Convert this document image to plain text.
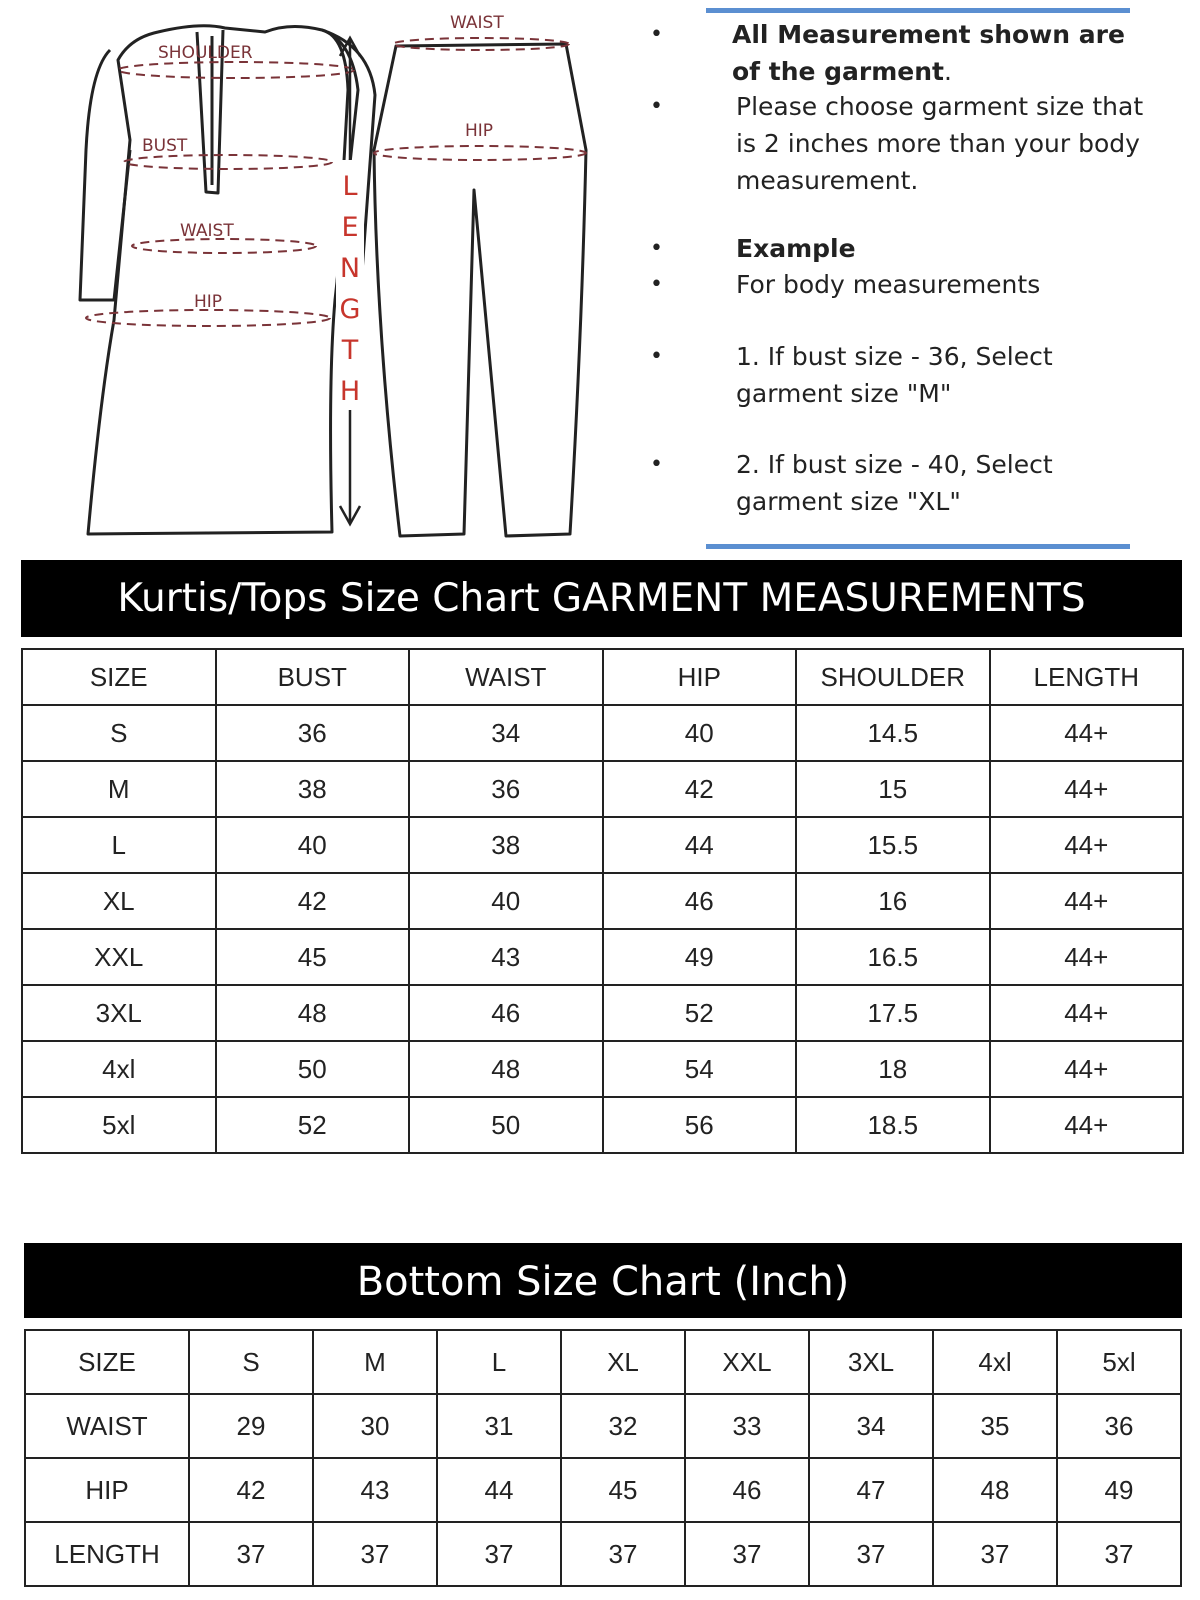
SHOULDER
BUST
WAIST
HIP
L
E
N
G
T
H
WAIST
HIP
•	All Measurement shown are of the garment.
•	Please choose garment size that is 2 inches more than your body measurement.
•	Example
•	For body measurements
•	1. If bust size - 36, Select garment size "M"
•	2. If bust size - 40, Select garment size "XL"
Kurtis/Tops Size Chart GARMENT MEASUREMENTS
SIZE	BUST	WAIST	HIP	SHOULDER	LENGTH
S	36	34	40	14.5	44+
M	38	36	42	15	44+
L	40	38	44	15.5	44+
XL	42	40	46	16	44+
XXL	45	43	49	16.5	44+
3XL	48	46	52	17.5	44+
4xl	50	48	54	18	44+
5xl	52	50	56	18.5	44+
Bottom Size Chart (Inch)
SIZE	S	M	L	XL	XXL	3XL	4xl	5xl
WAIST	29	30	31	32	33	34	35	36
HIP	42	43	44	45	46	47	48	49
LENGTH	37	37	37	37	37	37	37	37
